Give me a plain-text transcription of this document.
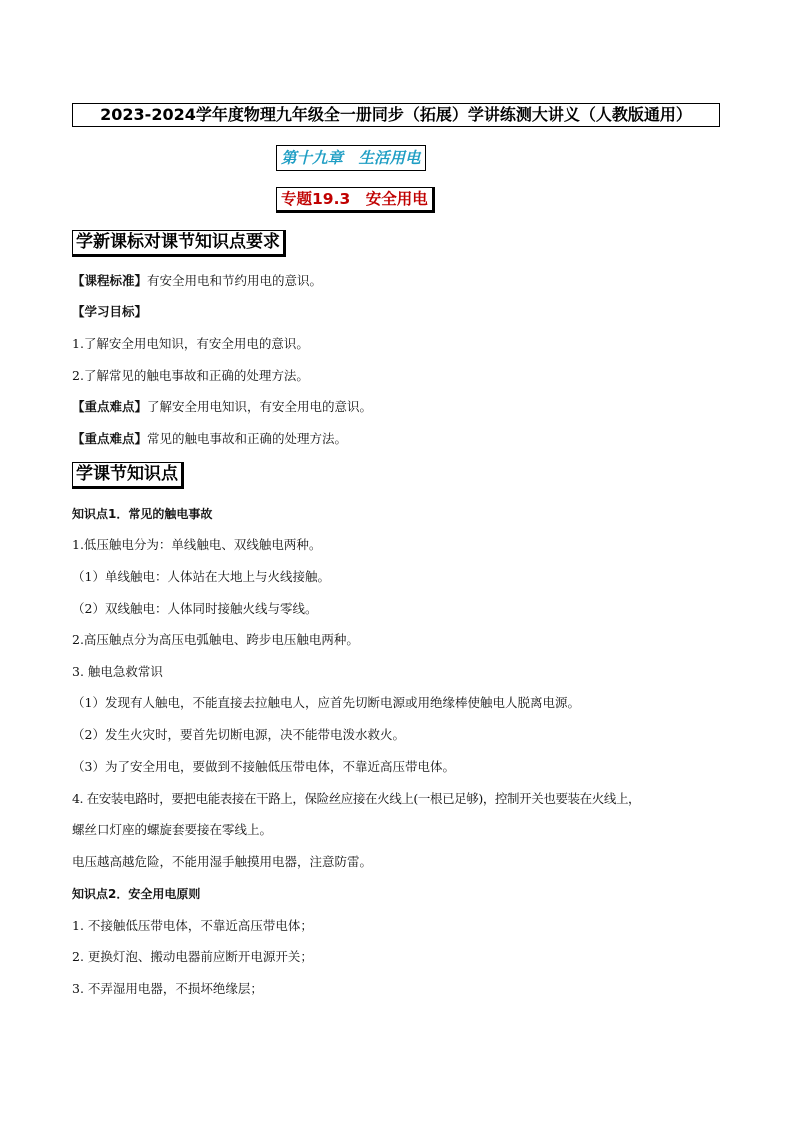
2023-2024学年度物理九年级全一册同步（拓展）学讲练测大讲义（人教版通用）
第十九章　生活用电
专题19.3　安全用电
学新课标对课节知识点要求
【课程标准】有安全用电和节约用电的意识。
【学习目标】
1.了解安全用电知识，有安全用电的意识。
2.了解常见的触电事故和正确的处理方法。
【重点难点】了解安全用电知识，有安全用电的意识。
【重点难点】常见的触电事故和正确的处理方法。
学课节知识点
知识点1．常见的触电事故
1.低压触电分为：单线触电、双线触电两种。
（1）单线触电：人体站在大地上与火线接触。
（2）双线触电：人体同时接触火线与零线。
2.高压触点分为高压电弧触电、跨步电压触电两种。
3. 触电急救常识
（1）发现有人触电，不能直接去拉触电人，应首先切断电源或用绝缘棒使触电人脱离电源。
（2）发生火灾时，要首先切断电源，决不能带电泼水救火。
（3）为了安全用电，要做到不接触低压带电体，不靠近高压带电体。
4. 在安装电路时，要把电能表接在干路上，保险丝应接在火线上(一根已足够)，控制开关也要装在火线上，
螺丝口灯座的螺旋套要接在零线上。
电压越高越危险，不能用湿手触摸用电器，注意防雷。
知识点2．安全用电原则
1. 不接触低压带电体，不靠近高压带电体；
2. 更换灯泡、搬动电器前应断开电源开关；
3. 不弄湿用电器，不损坏绝缘层；
